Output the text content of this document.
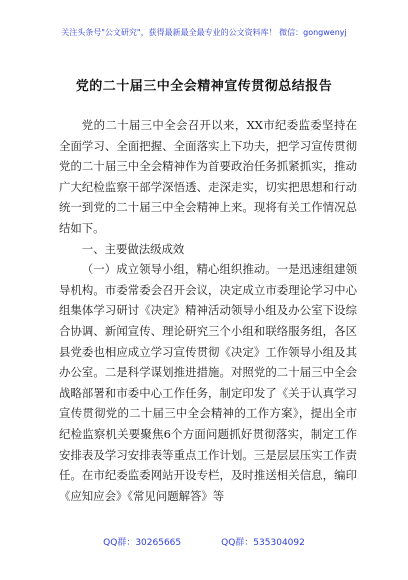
关注头条号"公文研究"，获得最新最全最专业的公文资料库！ 微信：gongwenyj
党的二十届三中全会精神宣传贯彻总结报告

党的二十届三中全会召开以来，XX市纪委监委坚持在全面学习、全面把握、全面落实上下功夫，把学习宣传贯彻党的二十届三中全会精神作为首要政治任务抓紧抓实，推动广大纪检监察干部学深悟透、走深走实，切实把思想和行动统一到党的二十届三中全会精神上来。现将有关工作情况总结如下。

一、主要做法级成效

（一）成立领导小组，精心组织推动。一是迅速组建领导机构。市委常委会召开会议，决定成立市委理论学习中心组集体学习研讨《决定》精神活动领导小组及办公室下设综合协调、新闻宣传、理论研究三个小组和联络服务组，各区县党委也相应成立学习宣传贯彻《决定》工作领导小组及其办公室。二是科学谋划推进措施。对照党的二十届三中全会战略部署和市委中心工作任务，制定印发了《关于认真学习宣传贯彻党的二十届三中全会精神的工作方案》，提出全市纪检监察机关要聚焦6个方面问题抓好贯彻落实，制定工作安排表及学习安排表等重点工作计划。三是层层压实工作责任。在市纪委监委网站开设专栏，及时推送相关信息，编印《应知应会》《常见问题解答》等

QQ群：30265665	QQ群：535304092
